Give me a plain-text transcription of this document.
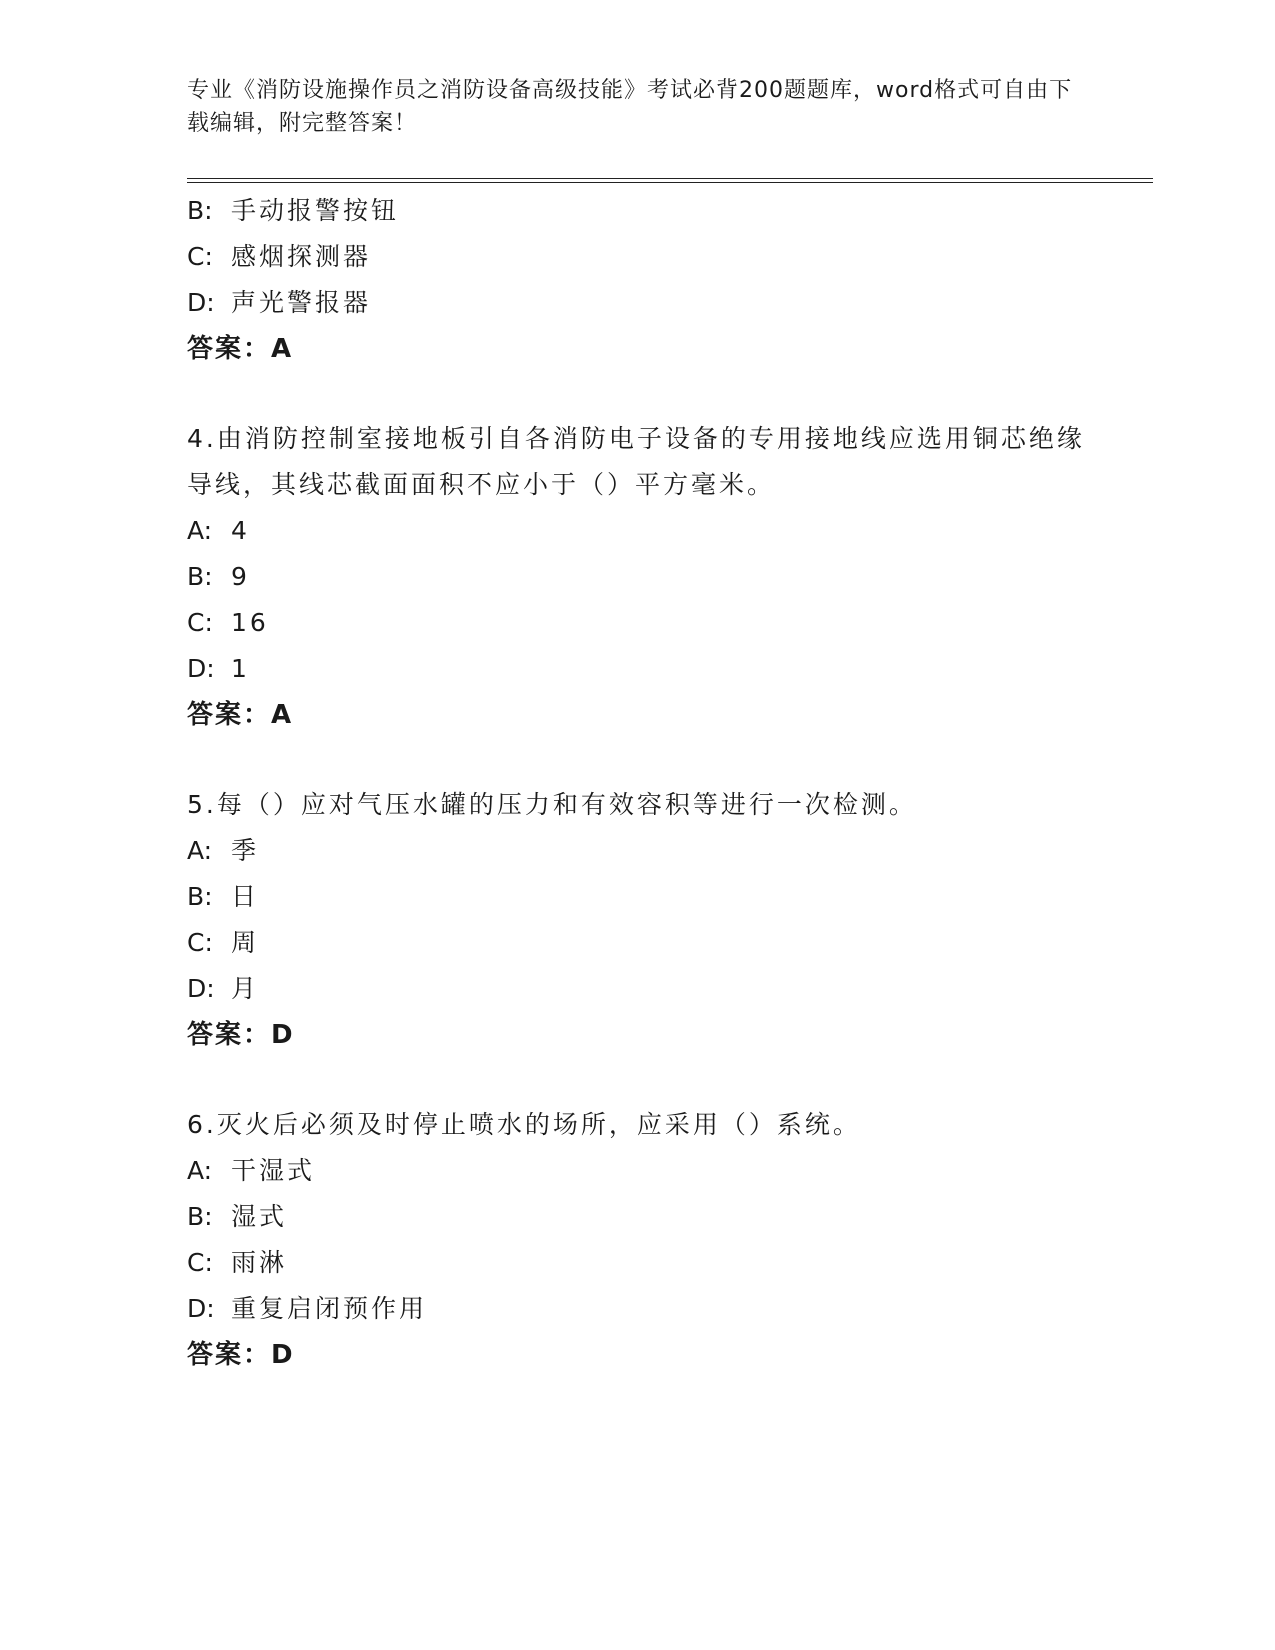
专业《消防设施操作员之消防设备高级技能》考试必背200题题库，word格式可自由下载编辑，附完整答案！
B: 手动报警按钮
C: 感烟探测器
D: 声光警报器
答案：A
4.由消防控制室接地板引自各消防电子设备的专用接地线应选用铜芯绝缘导线，其线芯截面面积不应小于（）平方毫米。
A: 4
B: 9
C: 16
D: 1
答案：A
5.每（）应对气压水罐的压力和有效容积等进行一次检测。
A: 季
B: 日
C: 周
D: 月
答案：D
6.灭火后必须及时停止喷水的场所，应采用（）系统。
A: 干湿式
B: 湿式
C: 雨淋
D: 重复启闭预作用
答案：D
